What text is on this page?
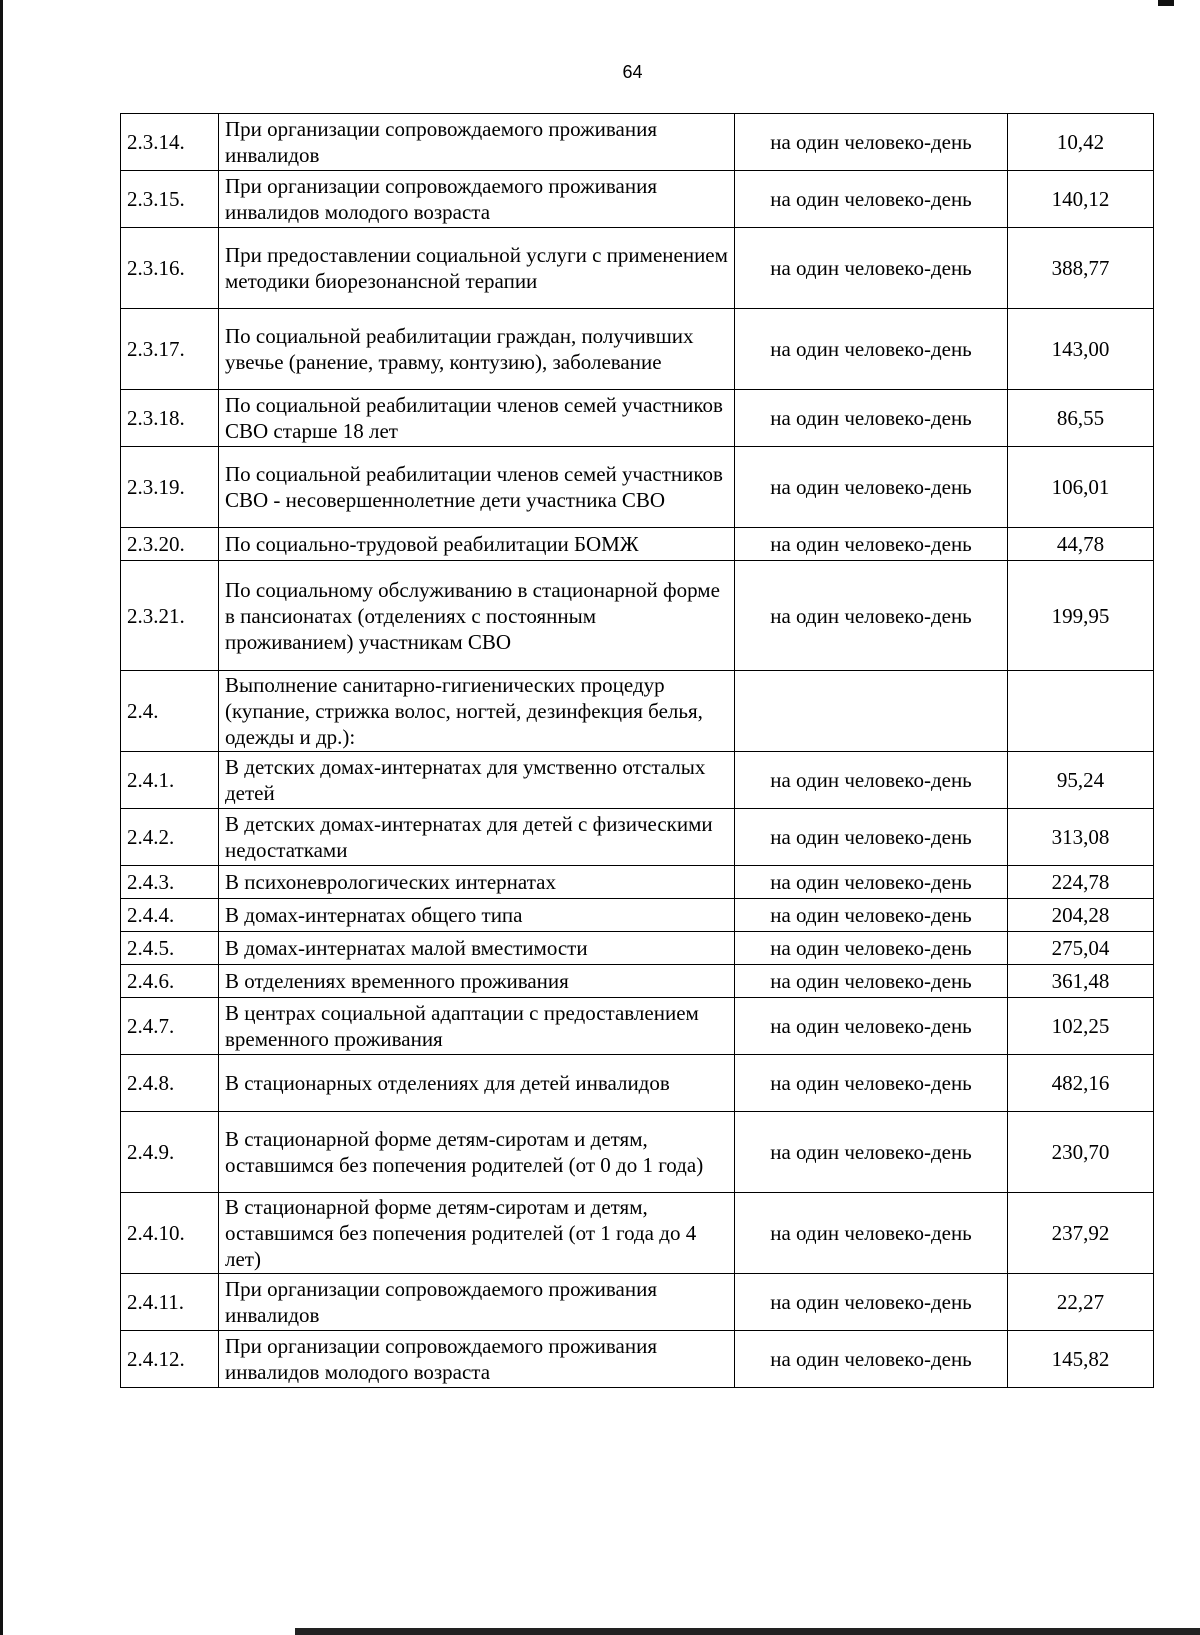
64
2.3.14.	При организации сопровождаемого проживания инвалидов	на один человеко-день	10,42
2.3.15.	При организации сопровождаемого проживания инвалидов молодого возраста	на один человеко-день	140,12
2.3.16.	При предоставлении социальной услуги с применением методики биорезонансной терапии	на один человеко-день	388,77
2.3.17.	По социальной реабилитации граждан, получивших увечье (ранение, травму, контузию), заболевание	на один человеко-день	143,00
2.3.18.	По социальной реабилитации членов семей участников СВО старше 18 лет	на один человеко-день	86,55
2.3.19.	По социальной реабилитации членов семей участников СВО - несовершеннолетние дети участника СВО	на один человеко-день	106,01
2.3.20.	По социально-трудовой реабилитации БОМЖ	на один человеко-день	44,78
2.3.21.	По социальному обслуживанию в стационарной форме в пансионатах (отделениях с постоянным проживанием) участникам СВО	на один человеко-день	199,95
2.4.	Выполнение санитарно-гигиенических процедур (купание, стрижка волос, ногтей, дезинфекция белья, одежды и др.):		
2.4.1.	В детских домах-интернатах для умственно отсталых детей	на один человеко-день	95,24
2.4.2.	В детских домах-интернатах для детей с физическими недостатками	на один человеко-день	313,08
2.4.3.	В психоневрологических интернатах	на один человеко-день	224,78
2.4.4.	В домах-интернатах общего типа	на один человеко-день	204,28
2.4.5.	В домах-интернатах малой вместимости	на один человеко-день	275,04
2.4.6.	В отделениях временного проживания	на один человеко-день	361,48
2.4.7.	В центрах социальной адаптации с предоставлением временного проживания	на один человеко-день	102,25
2.4.8.	В стационарных отделениях для детей инвалидов	на один человеко-день	482,16
2.4.9.	В стационарной форме детям-сиротам и детям, оставшимся без попечения родителей (от 0 до 1 года)	на один человеко-день	230,70
2.4.10.	В стационарной форме детям-сиротам и детям, оставшимся без попечения родителей (от 1 года до 4 лет)	на один человеко-день	237,92
2.4.11.	При организации сопровождаемого проживания инвалидов	на один человеко-день	22,27
2.4.12.	При организации сопровождаемого проживания инвалидов молодого возраста	на один человеко-день	145,82
